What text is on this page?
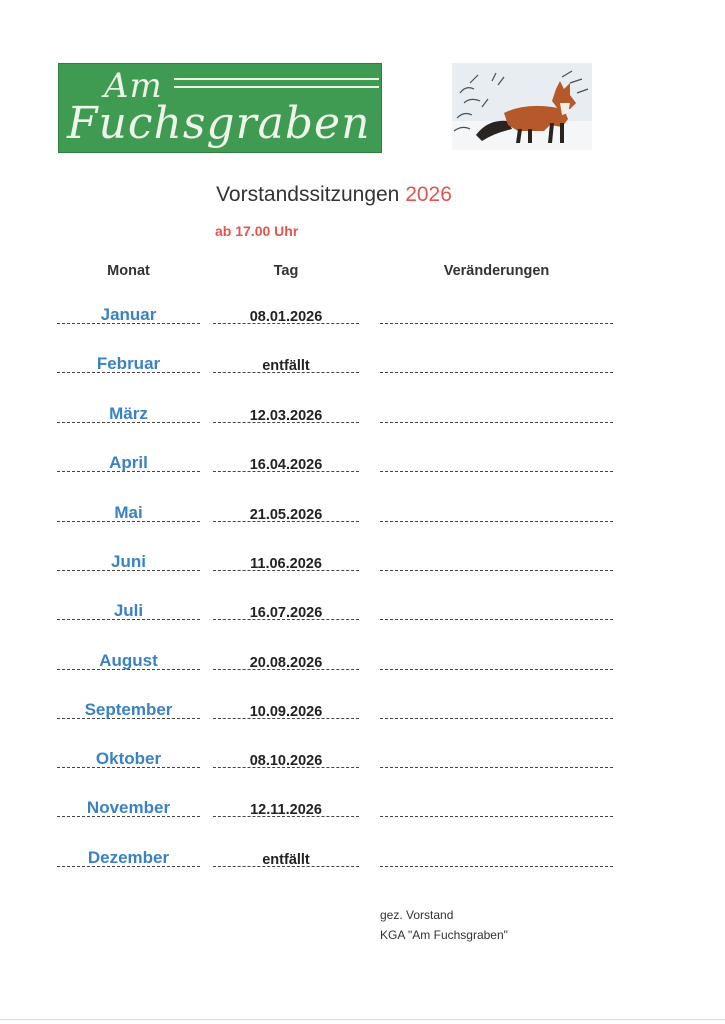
Am
Fuchsgraben
Vorstandssitzungen 2026
ab 17.00 Uhr
Monat	Tag	Veränderungen
Januar	08.01.2026
Februar	entfällt
März	12.03.2026
April	16.04.2026
Mai	21.05.2026
Juni	11.06.2026
Juli	16.07.2026
August	20.08.2026
September	10.09.2026
Oktober	08.10.2026
November	12.11.2026
Dezember	entfällt
gez. Vorstand
KGA "Am Fuchsgraben"
